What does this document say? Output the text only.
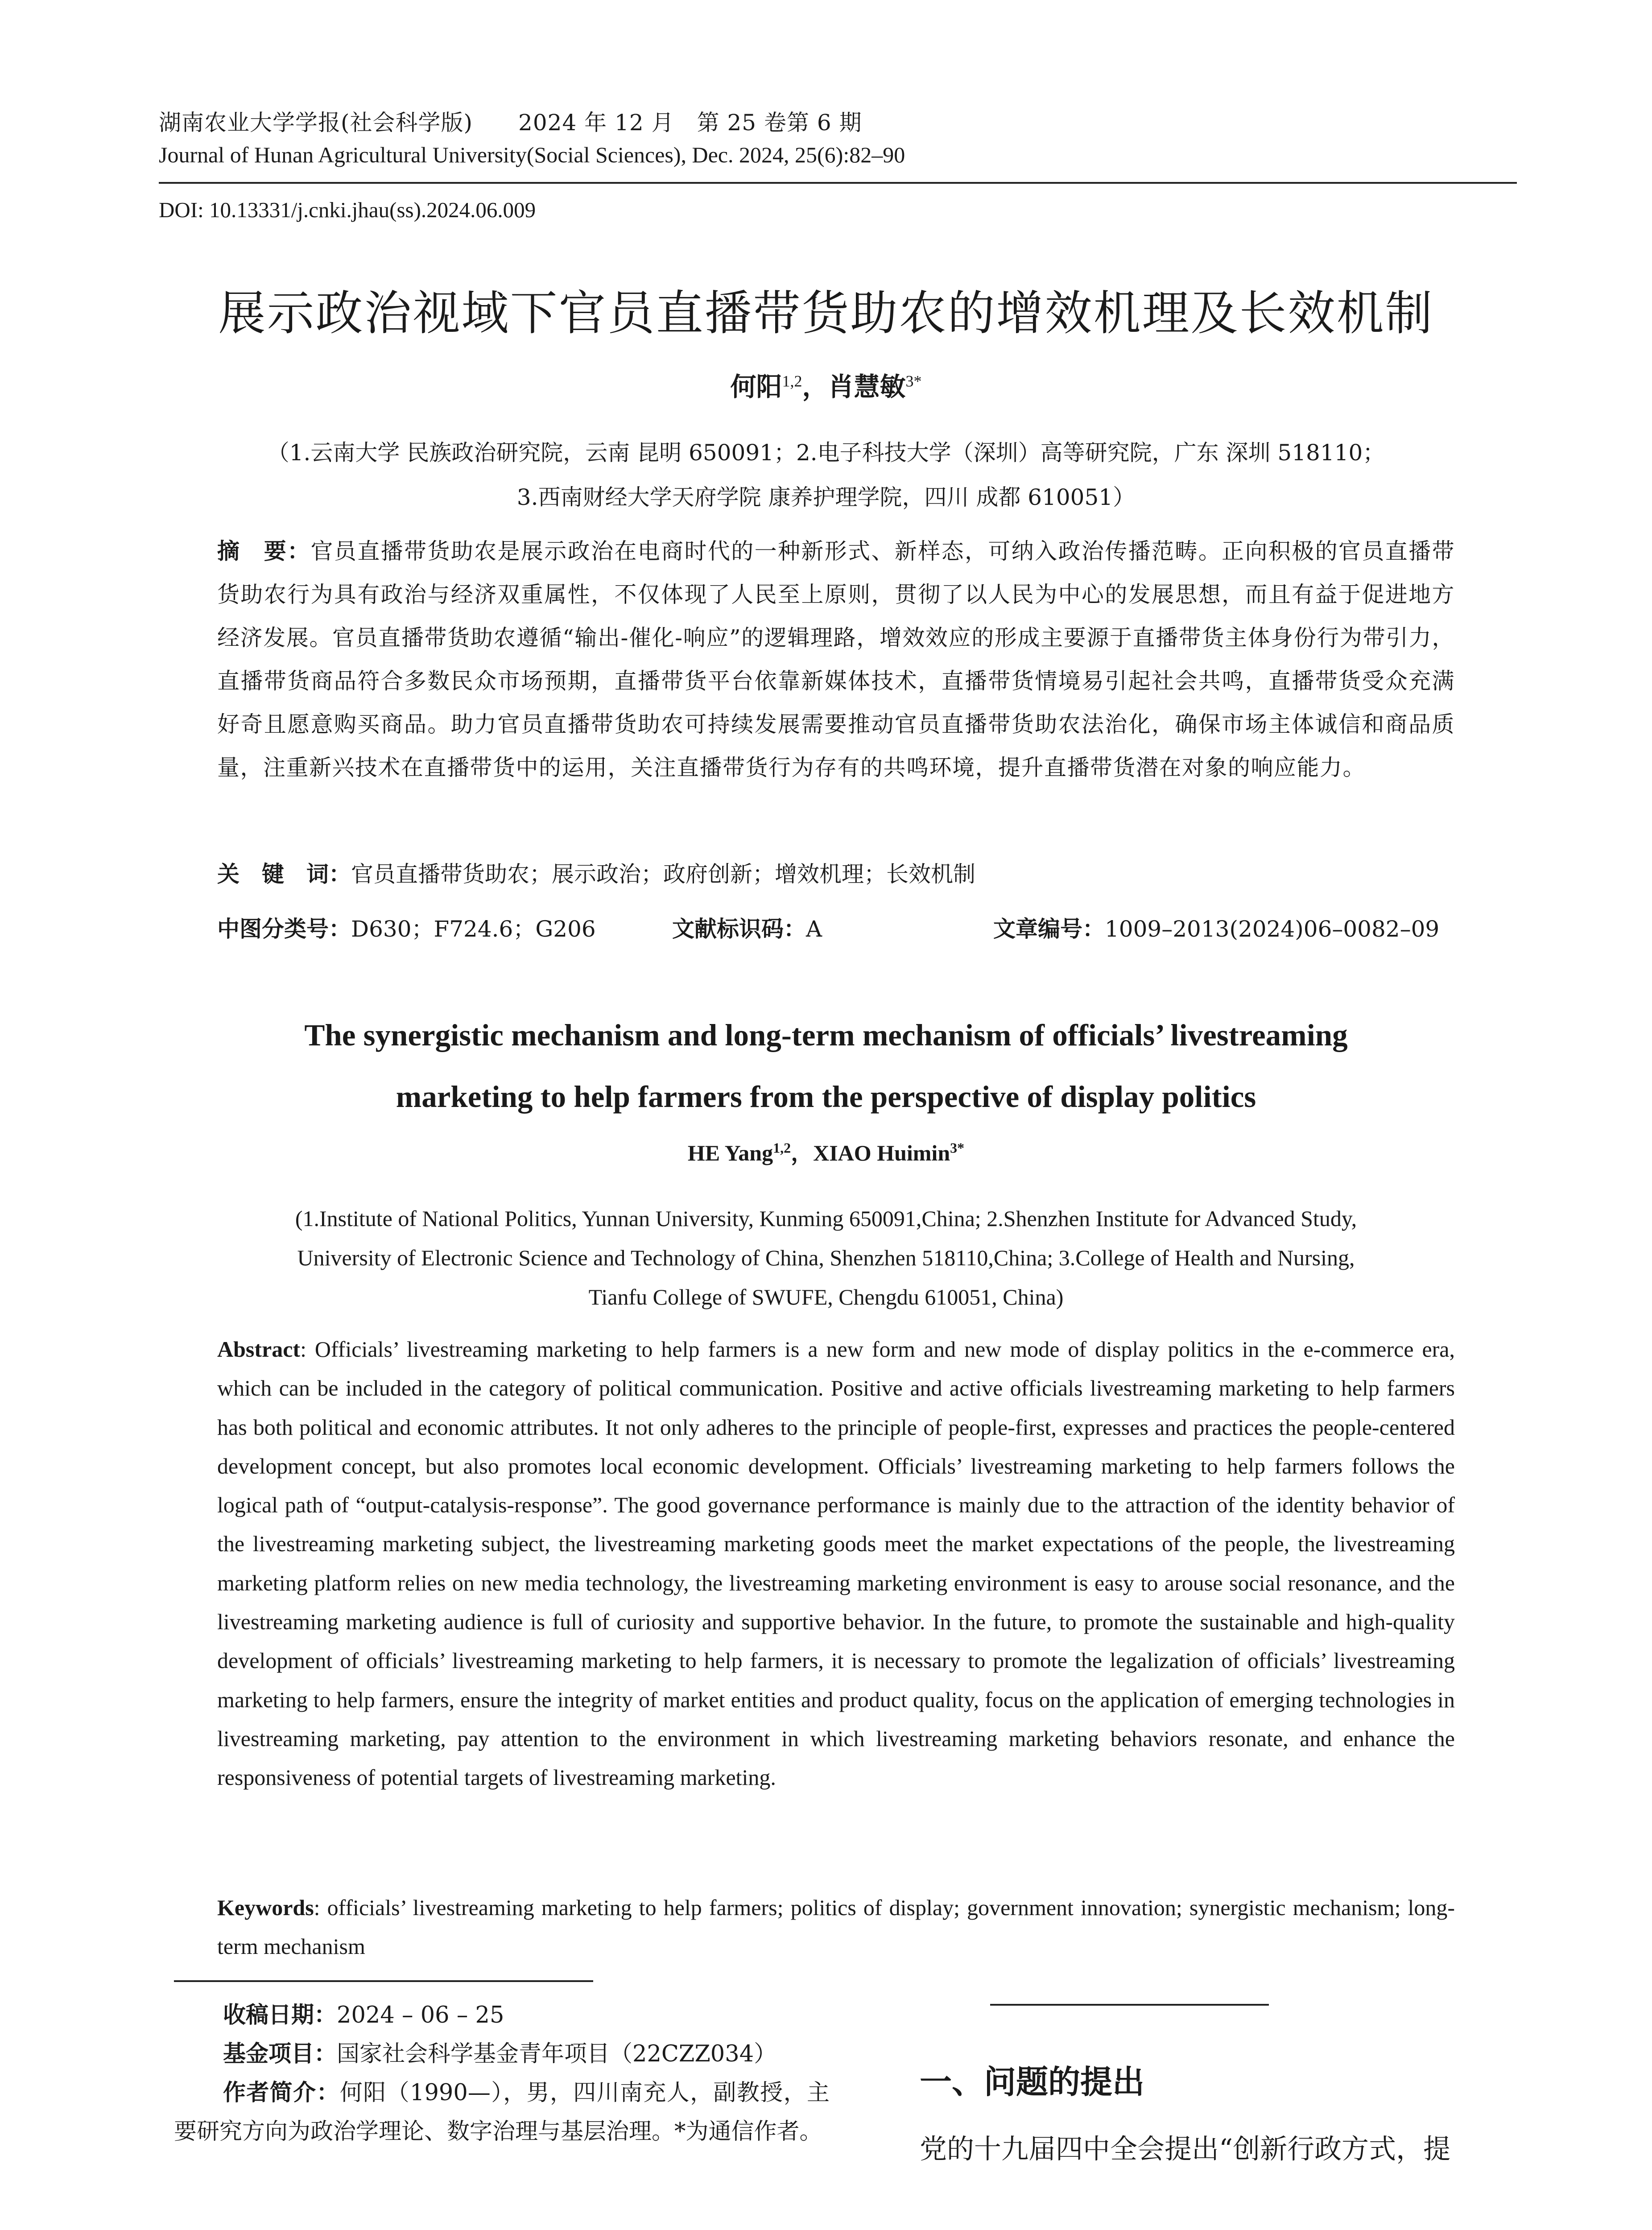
湖南农业大学学报(社会科学版)　　2024 年 12 月　第 25 卷第 6 期
Journal of Hunan Agricultural University(Social Sciences), Dec. 2024, 25(6):82–90
DOI: 10.13331/j.cnki.jhau(ss).2024.06.009
展示政治视域下官员直播带货助农的增效机理及长效机制
何阳$^{1,2}$，肖慧敏$^{3*}$
（1.云南大学 民族政治研究院，云南 昆明 650091；2.电子科技大学（深圳）高等研究院，广东 深圳 518110；
3.西南财经大学天府学院 康养护理学院，四川 成都 610051）
摘　要：官员直播带货助农是展示政治在电商时代的一种新形式、新样态，可纳入政治传播范畴。正向积极的官员直播带货助农行为具有政治与经济双重属性，不仅体现了人民至上原则，贯彻了以人民为中心的发展思想，而且有益于促进地方经济发展。官员直播带货助农遵循“输出-催化-响应”的逻辑理路，增效效应的形成主要源于直播带货主体身份行为带引力，直播带货商品符合多数民众市场预期，直播带货平台依靠新媒体技术，直播带货情境易引起社会共鸣，直播带货受众充满好奇且愿意购买商品。助力官员直播带货助农可持续发展需要推动官员直播带货助农法治化，确保市场主体诚信和商品质量，注重新兴技术在直播带货中的运用，关注直播带货行为存有的共鸣环境，提升直播带货潜在对象的响应能力。
关　键　词：官员直播带货助农；展示政治；政府创新；增效机理；长效机制
中图分类号：D630；F724.6；G206	文献标识码：A	文章编号：1009–2013(2024)06–0082–09
The synergistic mechanism and long-term mechanism of officials’ livestreaming
marketing to help farmers from the perspective of display politics
HE Yang$^{1,2}$，XIAO Huimin$^{3*}$
(1.Institute of National Politics, Yunnan University, Kunming 650091,China; 2.Shenzhen Institute for Advanced Study,
University of Electronic Science and Technology of China, Shenzhen 518110,China; 3.College of Health and Nursing,
Tianfu College of SWUFE, Chengdu 610051, China)
Abstract: Officials’ livestreaming marketing to help farmers is a new form and new mode of display politics in the e-commerce era, which can be included in the category of political communication. Positive and active officials livestreaming marketing to help farmers has both political and economic attributes. It not only adheres to the principle of people-first, expresses and practices the people-centered development concept, but also promotes local economic development. Officials’ livestreaming marketing to help farmers follows the logical path of “output-catalysis-response”. The good governance performance is mainly due to the attraction of the identity behavior of the livestreaming marketing subject, the livestreaming marketing goods meet the market expectations of the people, the livestreaming marketing platform relies on new media technology, the livestreaming marketing environment is easy to arouse social resonance, and the livestreaming marketing audience is full of curiosity and supportive behavior. In the future, to promote the sustainable and high-quality development of officials’ livestreaming marketing to help farmers, it is necessary to promote the legalization of officials’ livestreaming marketing to help farmers, ensure the integrity of market entities and product quality, focus on the application of emerging technologies in livestreaming marketing, pay attention to the environment in which livestreaming marketing behaviors resonate, and enhance the responsiveness of potential targets of livestreaming marketing.
Keywords: officials’ livestreaming marketing to help farmers; politics of display; government innovation; synergistic mechanism; long-term mechanism
收稿日期：2024 – 06 – 25
基金项目：国家社会科学基金青年项目（22CZZ034）
作者简介：何阳（1990—），男，四川南充人，副教授，主要研究方向为政治学理论、数字治理与基层治理。*为通信作者。
一、问题的提出
党的十九届四中全会提出“创新行政方式，提
